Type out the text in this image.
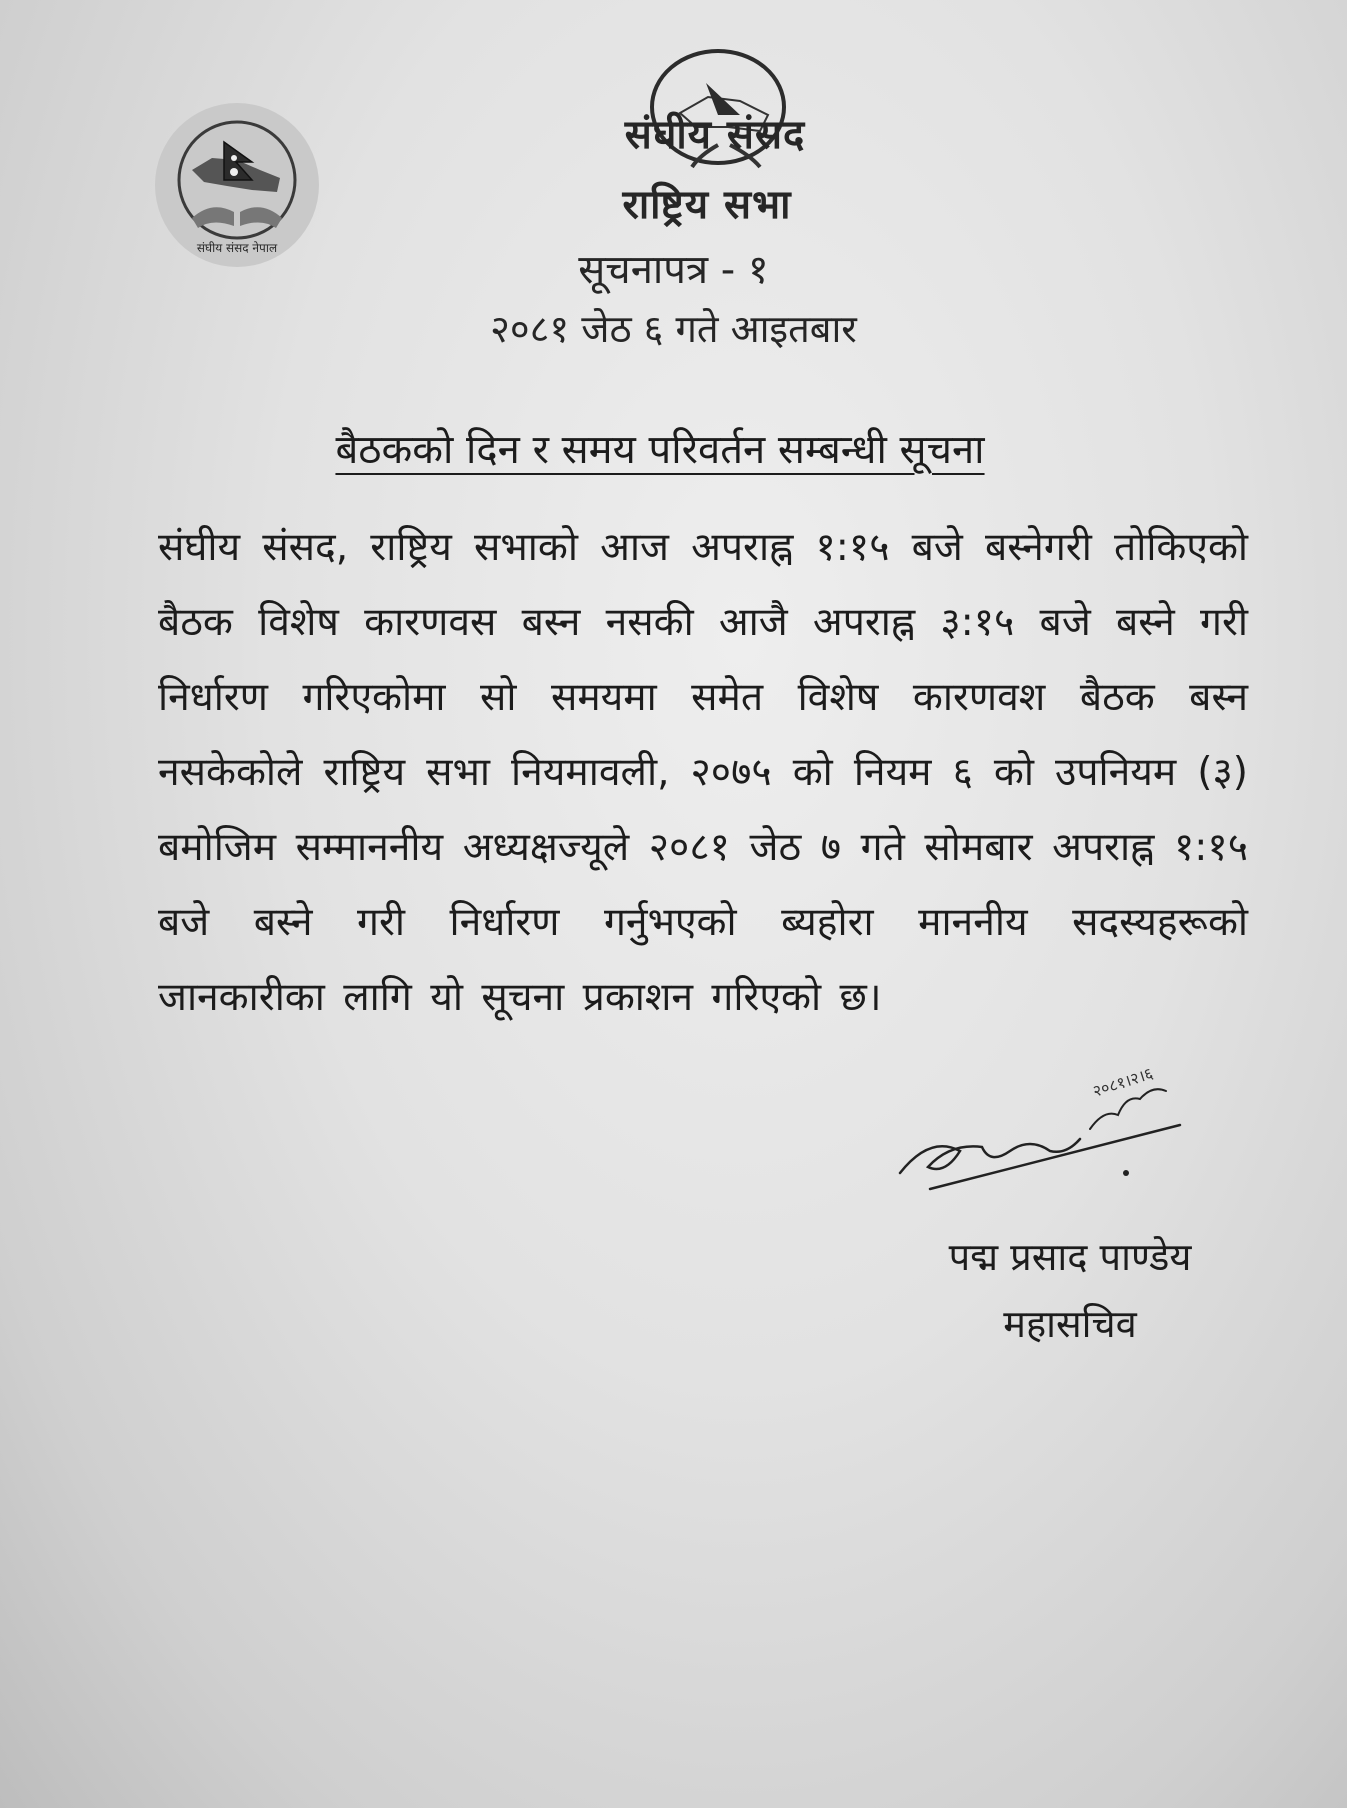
संघीय संसद नेपाल
संघीय संसद
राष्ट्रिय सभा
सूचनापत्र - १
२०८१ जेठ ६ गते आइतबार
बैठकको दिन र समय परिवर्तन सम्बन्धी सूचना
संघीय संसद, राष्ट्रिय सभाको आज अपराह्न १:१५ बजे बस्नेगरी तोकिएको बैठक विशेष कारणवस बस्न नसकी आजै अपराह्न ३:१५ बजे बस्ने गरी निर्धारण गरिएकोमा सो समयमा समेत विशेष कारणवश बैठक बस्न नसकेकोले राष्ट्रिय सभा नियमावली, २०७५ को नियम ६ को उपनियम (३) बमोजिम सम्माननीय अध्यक्षज्यूले २०८१ जेठ ७ गते सोमबार अपराह्न १:१५ बजे बस्ने गरी निर्धारण गर्नुभएको ब्यहोरा माननीय सदस्यहरूको जानकारीका लागि यो सूचना प्रकाशन गरिएको छ।
२०८१।२।६
पद्म प्रसाद पाण्डेय
महासचिव
